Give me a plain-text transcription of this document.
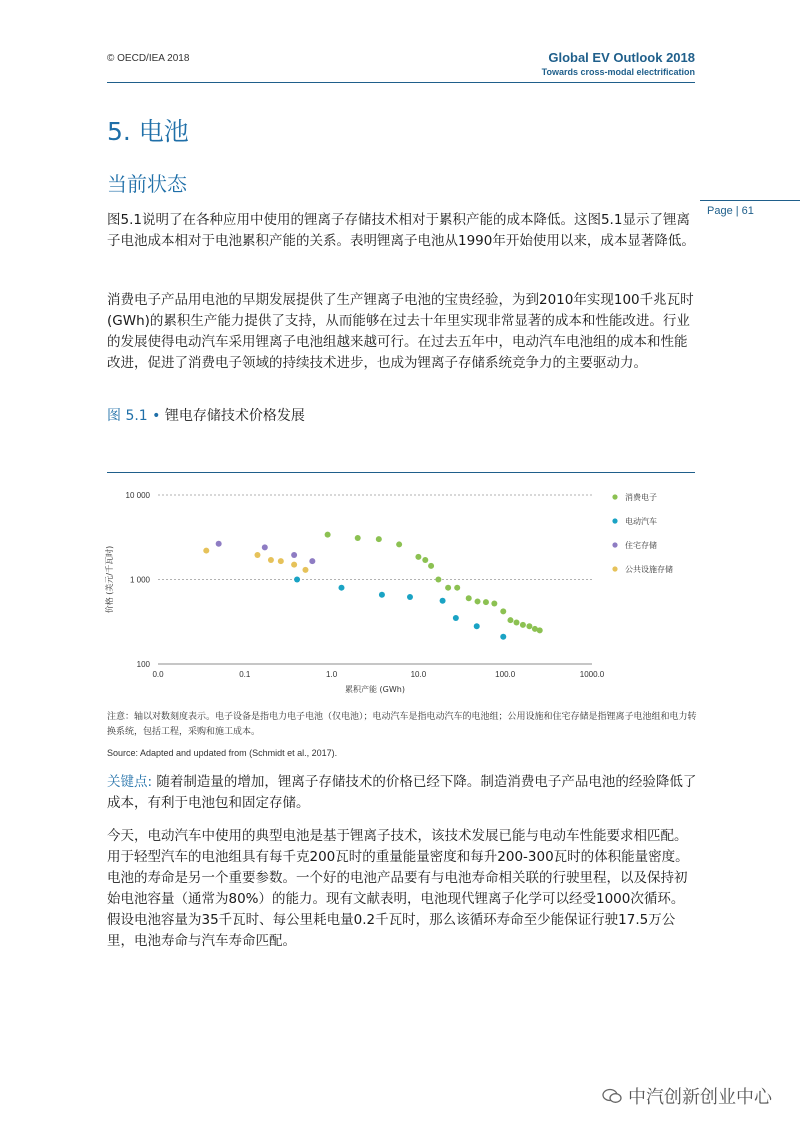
© OECD/IEA 2018	Global EV Outlook 2018
Towards cross-modal electrification
5. 电池
当前状态
Page | 61
图5.1说明了在各种应用中使用的锂离子存储技术相对于累积产能的成本降低。这图5.1显示了锂离子电池成本相对于电池累积产能的关系。表明锂离子电池从1990年开始使用以来，成本显著降低。
消费电子产品用电池的早期发展提供了生产锂离子电池的宝贵经验，为到2010年实现100千兆瓦时(GWh)的累积生产能力提供了支持，从而能够在过去十年里实现非常显著的成本和性能改进。行业的发展使得电动汽车采用锂离子电池组越来越可行。在过去五年中，电动汽车电池组的成本和性能改进，促进了消费电子领域的持续技术进步，也成为锂离子存储系统竞争力的主要驱动力。
图 5.1 • 锂电存储技术价格发展
10 000
1 000
100
0.0	0.1	1.0	10.0	100.0	1000.0
累积产能 (GWh)
价格 (美元/千瓦时)
消费电子
电动汽车
住宅存储
公共设施存储
注意：轴以对数刻度表示。电子设备是指电力电子电池（仅电池）；电动汽车是指电动汽车的电池组；公用设施和住宅存储是指锂离子电池组和电力转换系统，包括工程，采购和施工成本。
Source: Adapted and updated from (Schmidt et al., 2017).
关键点: 随着制造量的增加，锂离子存储技术的价格已经下降。制造消费电子产品电池的经验降低了成本，有利于电池包和固定存储。
今天，电动汽车中使用的典型电池是基于锂离子技术，该技术发展已能与电动车性能要求相匹配。用于轻型汽车的电池组具有每千克200瓦时的重量能量密度和每升200-300瓦时的体积能量密度。电池的寿命是另一个重要参数。一个好的电池产品要有与电池寿命相关联的行驶里程，以及保持初始电池容量（通常为80%）的能力。现有文献表明，电池现代锂离子化学可以经受1000次循环。假设电池容量为35千瓦时、每公里耗电量0.2千瓦时，那么该循环寿命至少能保证行驶17.5万公里，电池寿命与汽车寿命匹配。
中汽创新创业中心
